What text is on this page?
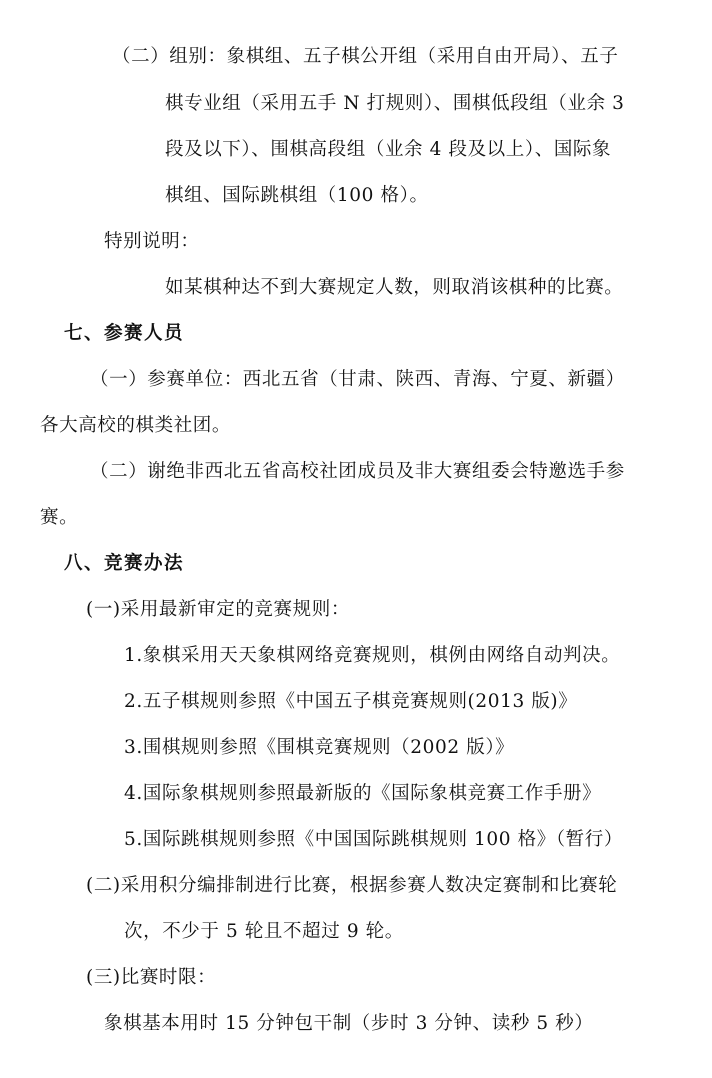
（二）组别：象棋组、五子棋公开组（采用自由开局）、五子
棋专业组（采用五手 N 打规则）、围棋低段组（业余 3
段及以下）、围棋高段组（业余 4 段及以上）、国际象
棋组、国际跳棋组（100 格）。
特别说明：
如某棋种达不到大赛规定人数，则取消该棋种的比赛。
七、参赛人员
（一）参赛单位：西北五省（甘肃、陕西、青海、宁夏、新疆）
各大高校的棋类社团。
（二）谢绝非西北五省高校社团成员及非大赛组委会特邀选手参
赛。
八、竞赛办法
(一)采用最新审定的竞赛规则：
1.象棋采用天天象棋网络竞赛规则，棋例由网络自动判决。
2.五子棋规则参照《中国五子棋竞赛规则(2013 版)》
3.围棋规则参照《围棋竞赛规则（2002 版）》
4.国际象棋规则参照最新版的《国际象棋竞赛工作手册》
5.国际跳棋规则参照《中国国际跳棋规则 100 格》（暂行）
(二)采用积分编排制进行比赛，根据参赛人数决定赛制和比赛轮
次，不少于 5 轮且不超过 9 轮。
(三)比赛时限：
象棋基本用时 15 分钟包干制（步时 3 分钟、读秒 5 秒）
